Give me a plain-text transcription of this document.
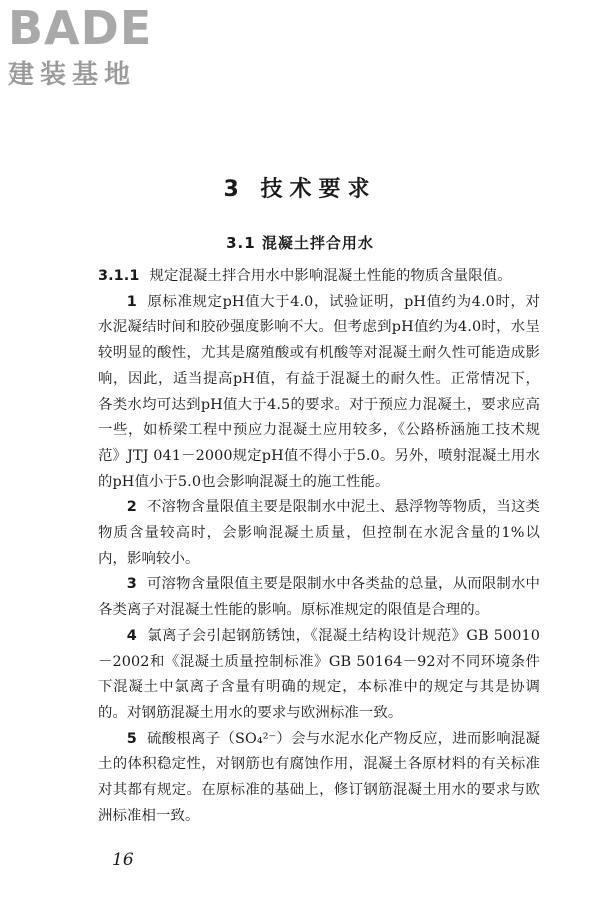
BADE
建装基地
3 技术要求
3.1 混凝土拌合用水

3.1.1 规定混凝土拌合用水中影响混凝土性能的物质含量限值。

1 原标准规定pH值大于4.0，试验证明，pH值约为4.0时，对水泥凝结时间和胶砂强度影响不大。但考虑到pH值约为4.0时，水呈较明显的酸性，尤其是腐殖酸或有机酸等对混凝土耐久性可能造成影响，因此，适当提高pH值，有益于混凝土的耐久性。正常情况下，各类水均可达到pH值大于4.5的要求。对于预应力混凝土，要求应高一些，如桥梁工程中预应力混凝土应用较多，《公路桥涵施工技术规范》JTJ 041－2000规定pH值不得小于5.0。另外，喷射混凝土用水的pH值小于5.0也会影响混凝土的施工性能。

2 不溶物含量限值主要是限制水中泥土、悬浮物等物质，当这类物质含量较高时，会影响混凝土质量，但控制在水泥含量的1%以内，影响较小。

3 可溶物含量限值主要是限制水中各类盐的总量，从而限制水中各类离子对混凝土性能的影响。原标准规定的限值是合理的。

4 氯离子会引起钢筋锈蚀，《混凝土结构设计规范》GB 50010－2002和《混凝土质量控制标准》GB 50164－92对不同环境条件下混凝土中氯离子含量有明确的规定，本标准中的规定与其是协调的。对钢筋混凝土用水的要求与欧洲标准一致。

5 硫酸根离子（SO₄²⁻）会与水泥水化产物反应，进而影响混凝土的体积稳定性，对钢筋也有腐蚀作用，混凝土各原材料的有关标准对其都有规定。在原标准的基础上，修订钢筋混凝土用水的要求与欧洲标准相一致。

16
